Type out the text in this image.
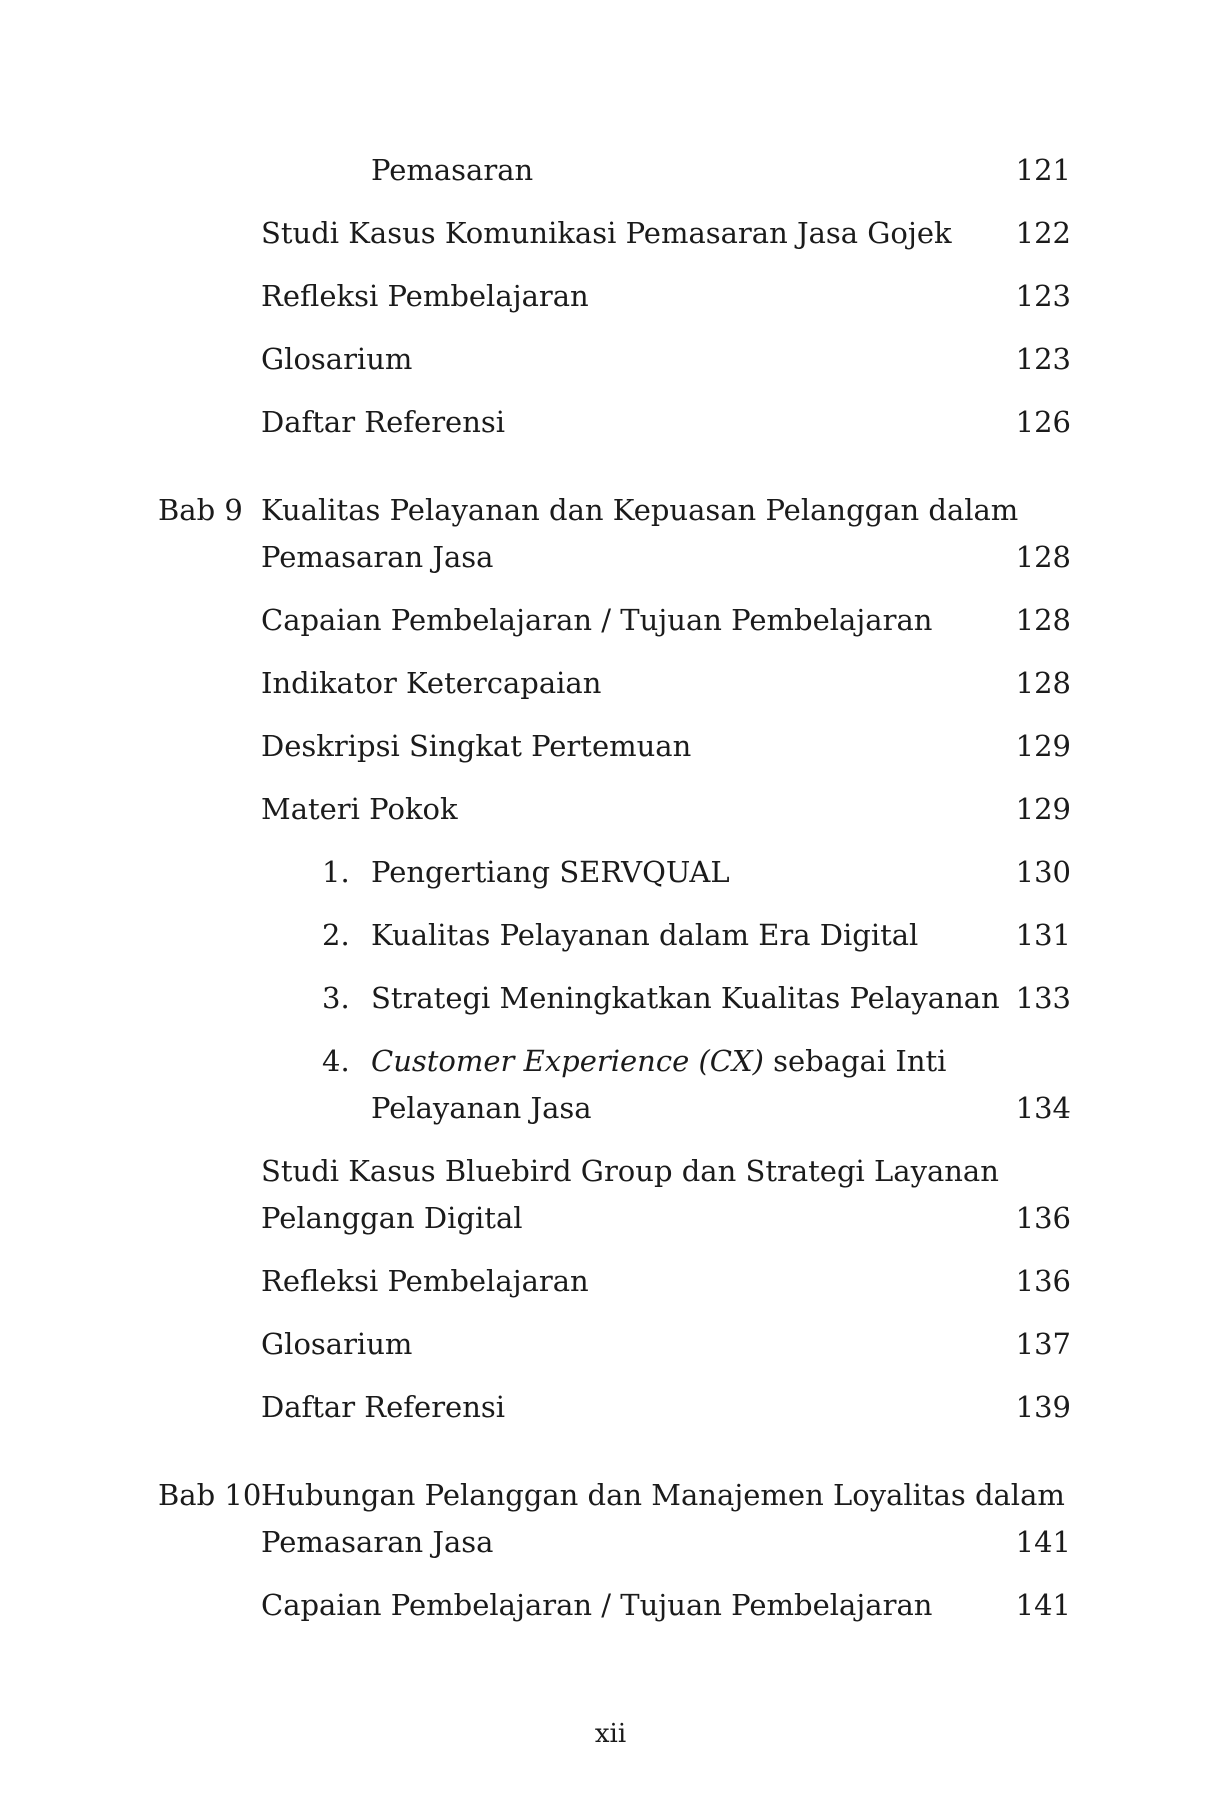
Pemasaran	121
Studi Kasus Komunikasi Pemasaran Jasa Gojek 122
Refleksi Pembelajaran	123
Glosarium	123
Daftar Referensi	126
Bab 9 Kualitas Pelayanan dan Kepuasan Pelanggan dalam
Pemasaran Jasa	128
Capaian Pembelajaran / Tujuan Pembelajaran	128
Indikator Ketercapaian	128
Deskripsi Singkat Pertemuan	129
Materi Pokok	129
1. Pengertiang SERVQUAL	130
2. Kualitas Pelayanan dalam Era Digital	131
3. Strategi Meningkatkan Kualitas Pelayanan 133
4. Customer Experience (CX) sebagai Inti
Pelayanan Jasa	134
Studi Kasus Bluebird Group dan Strategi Layanan
Pelanggan Digital	136
Refleksi Pembelajaran	136
Glosarium	137
Daftar Referensi	139
Bab 10 Hubungan Pelanggan dan Manajemen Loyalitas dalam
Pemasaran Jasa	141
Capaian Pembelajaran / Tujuan Pembelajaran	141
xii
